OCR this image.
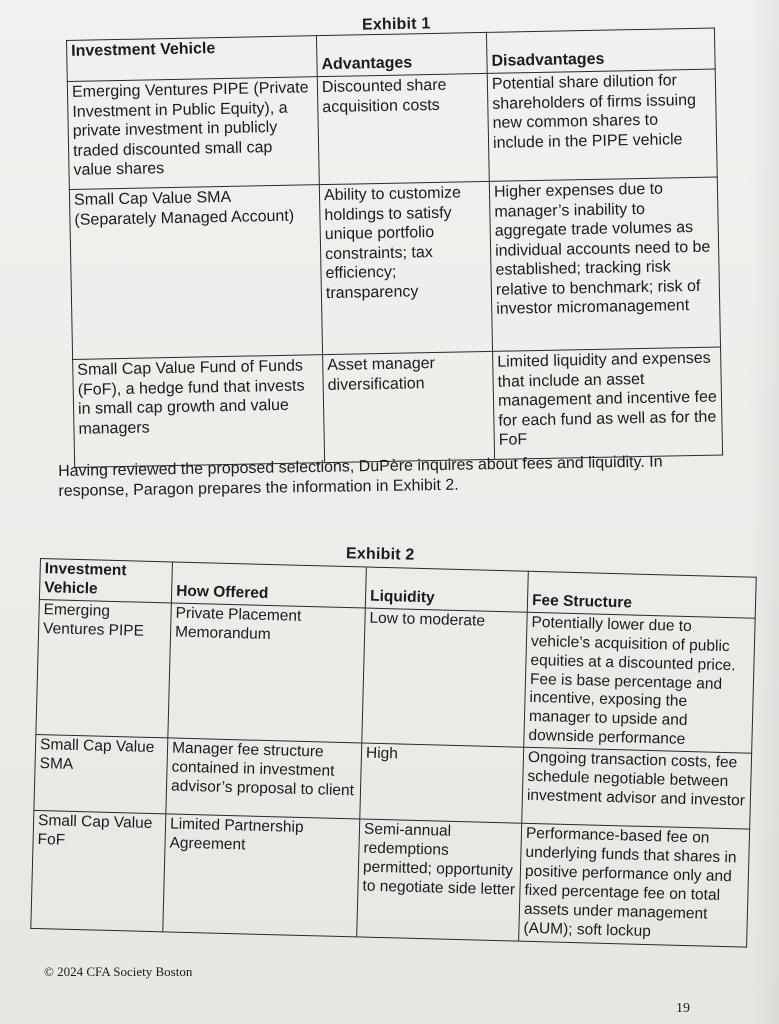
Exhibit 1
Investment Vehicle	Advantages	Disadvantages
Emerging Ventures PIPE (Private Investment in Public Equity), a private investment in publicly traded discounted small cap value shares	Discounted share acquisition costs	Potential share dilution for shareholders of firms issuing new common shares to include in the PIPE vehicle
Small Cap Value SMA (Separately Managed Account)	Ability to customize holdings to satisfy unique portfolio constraints; tax efficiency; transparency	Higher expenses due to manager’s inability to aggregate trade volumes as individual accounts need to be established; tracking risk relative to benchmark; risk of investor micromanagement
Small Cap Value Fund of Funds (FoF), a hedge fund that invests in small cap growth and value managers	Asset manager diversification	Limited liquidity and expenses that include an asset management and incentive fee for each fund as well as for the FoF
Having reviewed the proposed selections, DuPère inquires about fees and liquidity. In response, Paragon prepares the information in Exhibit 2.
Exhibit 2
Investment Vehicle	How Offered	Liquidity	Fee Structure
Emerging Ventures PIPE	Private Placement Memorandum	Low to moderate	Potentially lower due to vehicle’s acquisition of public equities at a discounted price. Fee is base percentage and incentive, exposing the manager to upside and downside performance
Small Cap Value SMA	Manager fee structure contained in investment advisor’s proposal to client	High	Ongoing transaction costs, fee schedule negotiable between investment advisor and investor
Small Cap Value FoF	Limited Partnership Agreement	Semi-annual redemptions permitted; opportunity to negotiate side letter	Performance-based fee on underlying funds that shares in positive performance only and fixed percentage fee on total assets under management (AUM); soft lockup
© 2024 CFA Society Boston
19
